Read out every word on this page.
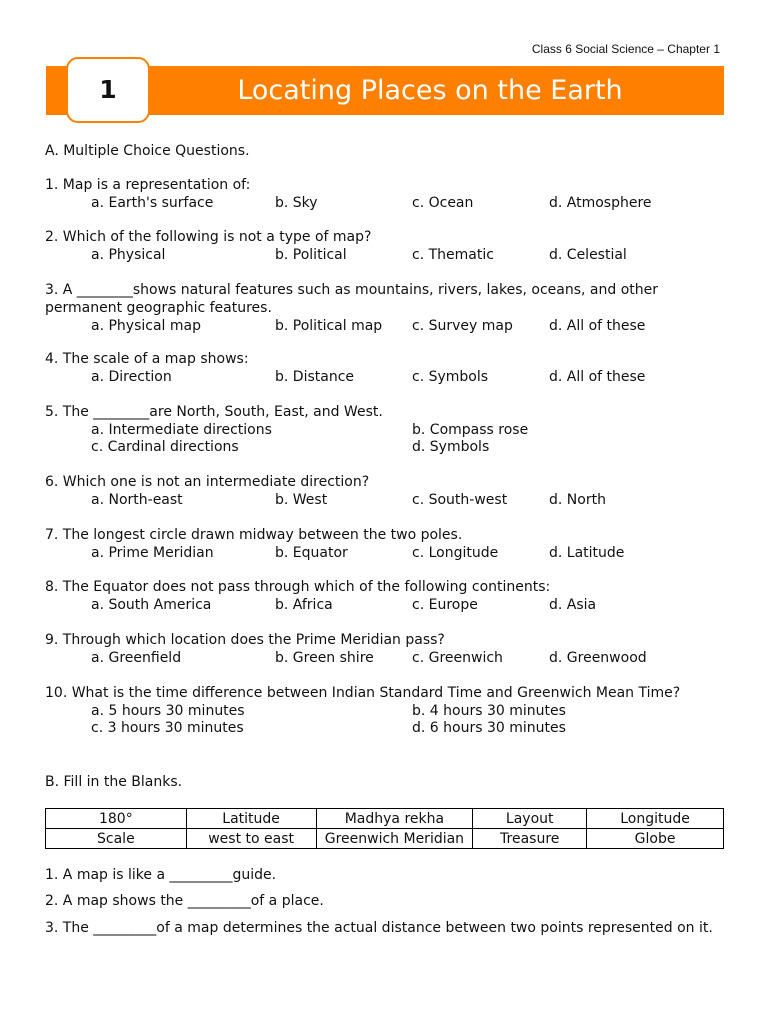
Class 6 Social Science – Chapter 1
1	Locating Places on the Earth
A. Multiple Choice Questions.
1. Map is a representation of:
a. Earth's surface	b. Sky	c. Ocean	d. Atmosphere
2. Which of the following is not a type of map?
a. Physical	b. Political	c. Thematic	d. Celestial
3. A ________shows natural features such as mountains, rivers, lakes, oceans, and other
permanent geographic features.
a. Physical map	b. Political map c. Survey map	d. All of these
4. The scale of a map shows:
a. Direction	b. Distance	c. Symbols	d. All of these
5. The ________are North, South, East, and West.
a. Intermediate directions	b. Compass rose
c. Cardinal directions	d. Symbols
6. Which one is not an intermediate direction?
a. North-east	b. West	c. South-west	d. North
7. The longest circle drawn midway between the two poles.
a. Prime Meridian	b. Equator	c. Longitude	d. Latitude
8. The Equator does not pass through which of the following continents:
a. South America	b. Africa	c. Europe	d. Asia
9. Through which location does the Prime Meridian pass?
a. Greenfield	b. Green shire	c. Greenwich	d. Greenwood
10. What is the time difference between Indian Standard Time and Greenwich Mean Time?
a. 5 hours 30 minutes	b. 4 hours 30 minutes
c. 3 hours 30 minutes	d. 6 hours 30 minutes
B. Fill in the Blanks.
180°	Latitude	Madhya rekha	Layout	Longitude
Scale	west to east	Greenwich Meridian	Treasure	Globe
1. A map is like a _________guide.
2. A map shows the _________of a place.
3. The _________of a map determines the actual distance between two points represented on it.
